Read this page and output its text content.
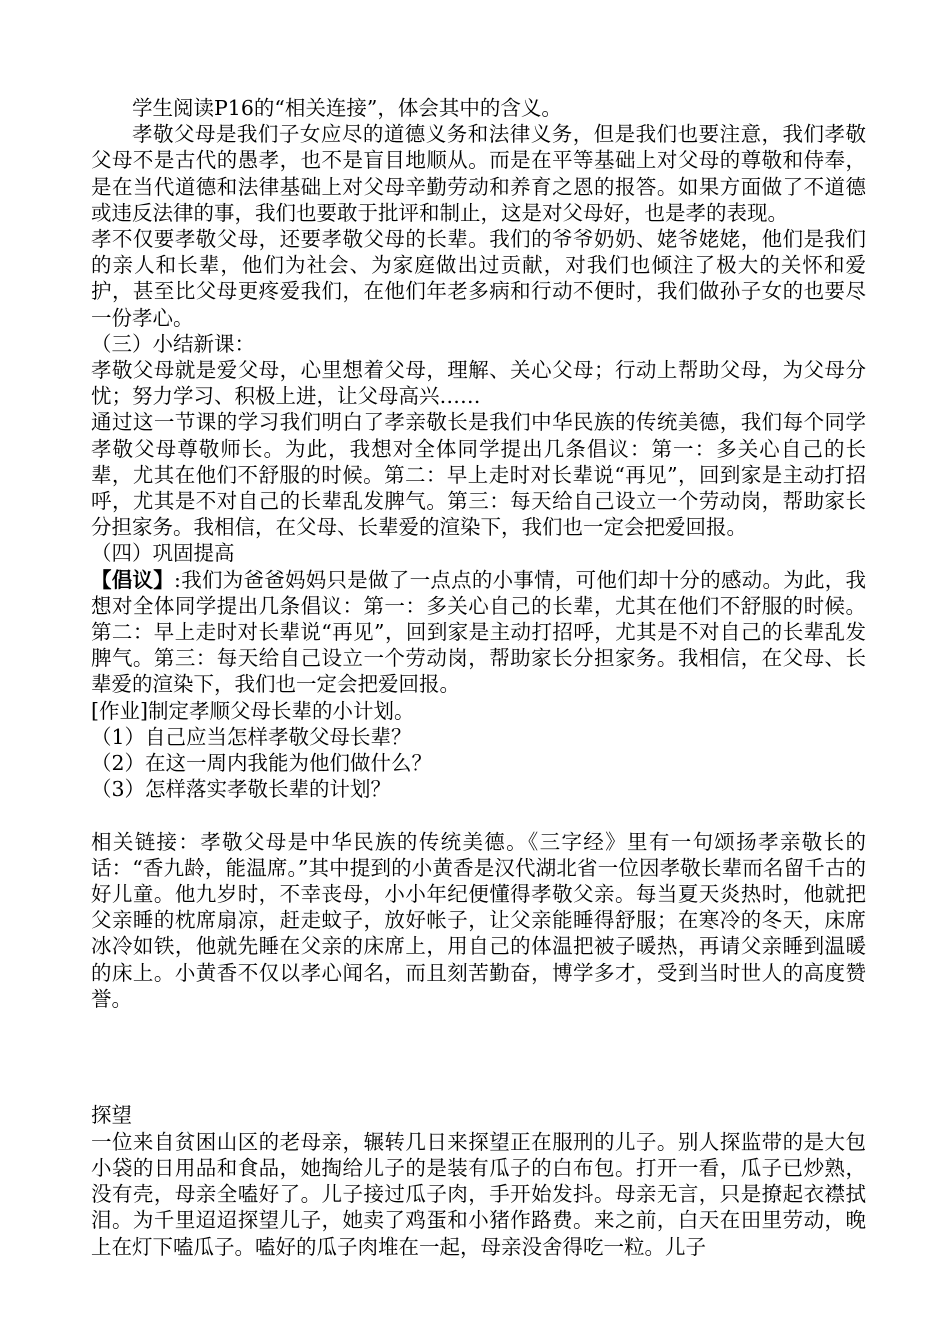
学生阅读P16的“相关连接”，体会其中的含义。

孝敬父母是我们子女应尽的道德义务和法律义务，但是我们也要注意，我们孝敬父母不是古代的愚孝，也不是盲目地顺从。而是在平等基础上对父母的尊敬和侍奉，是在当代道德和法律基础上对父母辛勤劳动和养育之恩的报答。如果方面做了不道德或违反法律的事，我们也要敢于批评和制止，这是对父母好，也是孝的表现。

孝不仅要孝敬父母，还要孝敬父母的长辈。我们的爷爷奶奶、姥爷姥姥，他们是我们的亲人和长辈，他们为社会、为家庭做出过贡献，对我们也倾注了极大的关怀和爱护，甚至比父母更疼爱我们，在他们年老多病和行动不便时，我们做孙子女的也要尽一份孝心。

（三）小结新课：

孝敬父母就是爱父母，心里想着父母，理解、关心父母；行动上帮助父母，为父母分忧；努力学习、积极上进，让父母高兴……

通过这一节课的学习我们明白了孝亲敬长是我们中华民族的传统美德，我们每个同学孝敬父母尊敬师长。为此，我想对全体同学提出几条倡议：第一：多关心自己的长辈，尤其在他们不舒服的时候。第二：早上走时对长辈说“再见”，回到家是主动打招呼，尤其是不对自己的长辈乱发脾气。第三：每天给自己设立一个劳动岗，帮助家长分担家务。我相信，在父母、长辈爱的渲染下，我们也一定会把爱回报。

（四）巩固提高

【倡议】:我们为爸爸妈妈只是做了一点点的小事情，可他们却十分的感动。为此，我想对全体同学提出几条倡议：第一：多关心自己的长辈，尤其在他们不舒服的时候。第二：早上走时对长辈说“再见”，回到家是主动打招呼，尤其是不对自己的长辈乱发脾气。第三：每天给自己设立一个劳动岗，帮助家长分担家务。我相信，在父母、长辈爱的渲染下，我们也一定会把爱回报。

[作业]制定孝顺父母长辈的小计划。

（1）自己应当怎样孝敬父母长辈？

（2）在这一周内我能为他们做什么？

（3）怎样落实孝敬长辈的计划？

相关链接：孝敬父母是中华民族的传统美德。《三字经》里有一句颂扬孝亲敬长的话：“香九龄，能温席。”其中提到的小黄香是汉代湖北省一位因孝敬长辈而名留千古的好儿童。他九岁时，不幸丧母，小小年纪便懂得孝敬父亲。每当夏天炎热时，他就把父亲睡的枕席扇凉，赶走蚊子，放好帐子，让父亲能睡得舒服；在寒冷的冬天，床席冰冷如铁，他就先睡在父亲的床席上，用自己的体温把被子暖热，再请父亲睡到温暖的床上。小黄香不仅以孝心闻名，而且刻苦勤奋，博学多才，受到当时世人的高度赞誉。

探望

一位来自贫困山区的老母亲，辗转几日来探望正在服刑的儿子。别人探监带的是大包小袋的日用品和食品，她掏给儿子的是装有瓜子的白布包。打开一看，瓜子已炒熟，没有壳，母亲全嗑好了。儿子接过瓜子肉，手开始发抖。母亲无言，只是撩起衣襟拭泪。为千里迢迢探望儿子，她卖了鸡蛋和小猪作路费。来之前，白天在田里劳动，晚上在灯下嗑瓜子。嗑好的瓜子肉堆在一起，母亲没舍得吃一粒。儿子
